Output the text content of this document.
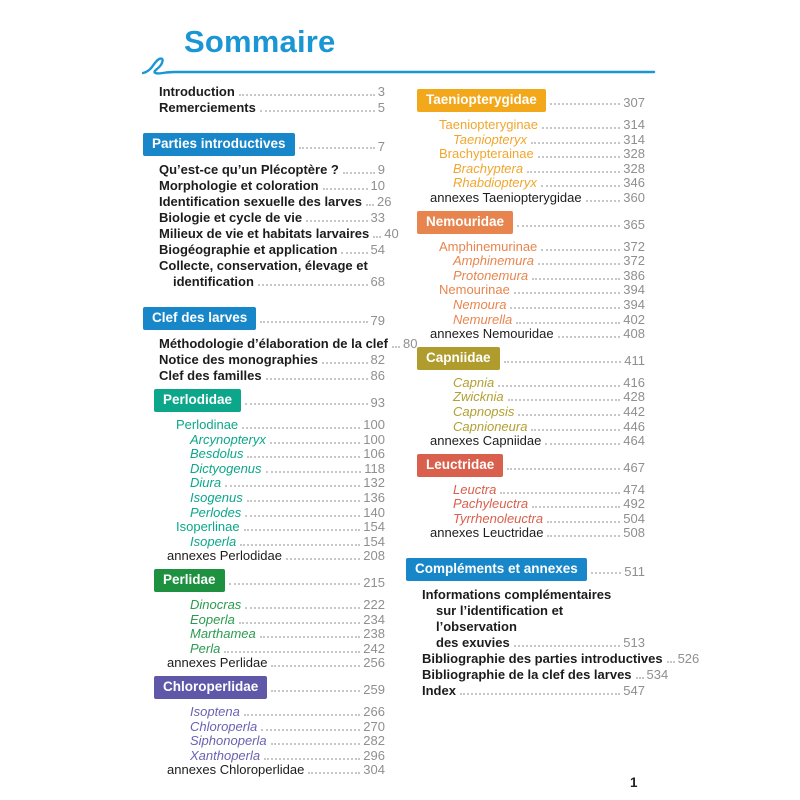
Sommaire
Introduction	3
Remerciements	5
Parties introductives	7
Qu’est-ce qu’un Plécoptère ?	9
Morphologie et coloration	10
Identification sexuelle des larves 26
Biologie et cycle de vie	33
Milieux de vie et habitats larvaires 40
Biogéographie et application	54
Collecte, conservation, élevage et
identification	68
Clef des larves	79
Méthodologie d’élaboration de la clef 80
Notice des monographies	82
Clef des familles	86
Perlodidae	93
Perlodinae	100
Arcynopteryx	100
Besdolus	106
Dictyogenus	118
Diura	132
Isogenus	136
Perlodes	140
Isoperlinae	154
Isoperla	154
annexes Perlodidae	208
Perlidae	215
Dinocras	222
Eoperla	234
Marthamea	238
Perla	242
annexes Perlidae	256
Chloroperlidae	259
Isoptena	266
Chloroperla	270
Siphonoperla	282
Xanthoperla	296
annexes Chloroperlidae	304
Taeniopterygidae	307
Taeniopteryginae	314
Taeniopteryx	314
Brachypterainae	328
Brachyptera	328
Rhabdiopteryx	346
annexes Taeniopterygidae	360
Nemouridae	365
Amphinemurinae	372
Amphinemura	372
Protonemura	386
Nemourinae	394
Nemoura	394
Nemurella	402
annexes Nemouridae	408
Capniidae	411
Capnia	416
Zwicknia	428
Capnopsis	442
Capnioneura	446
annexes Capniidae	464
Leuctridae	467
Leuctra	474
Pachyleuctra	492
Tyrrhenoleuctra	504
annexes Leuctridae	508
Compléments et annexes	511
Informations complémentaires
sur l’identification et l’observation
des exuvies	513
Bibliographie des parties introductives 526
Bibliographie de la clef des larves 534
Index	547
1
